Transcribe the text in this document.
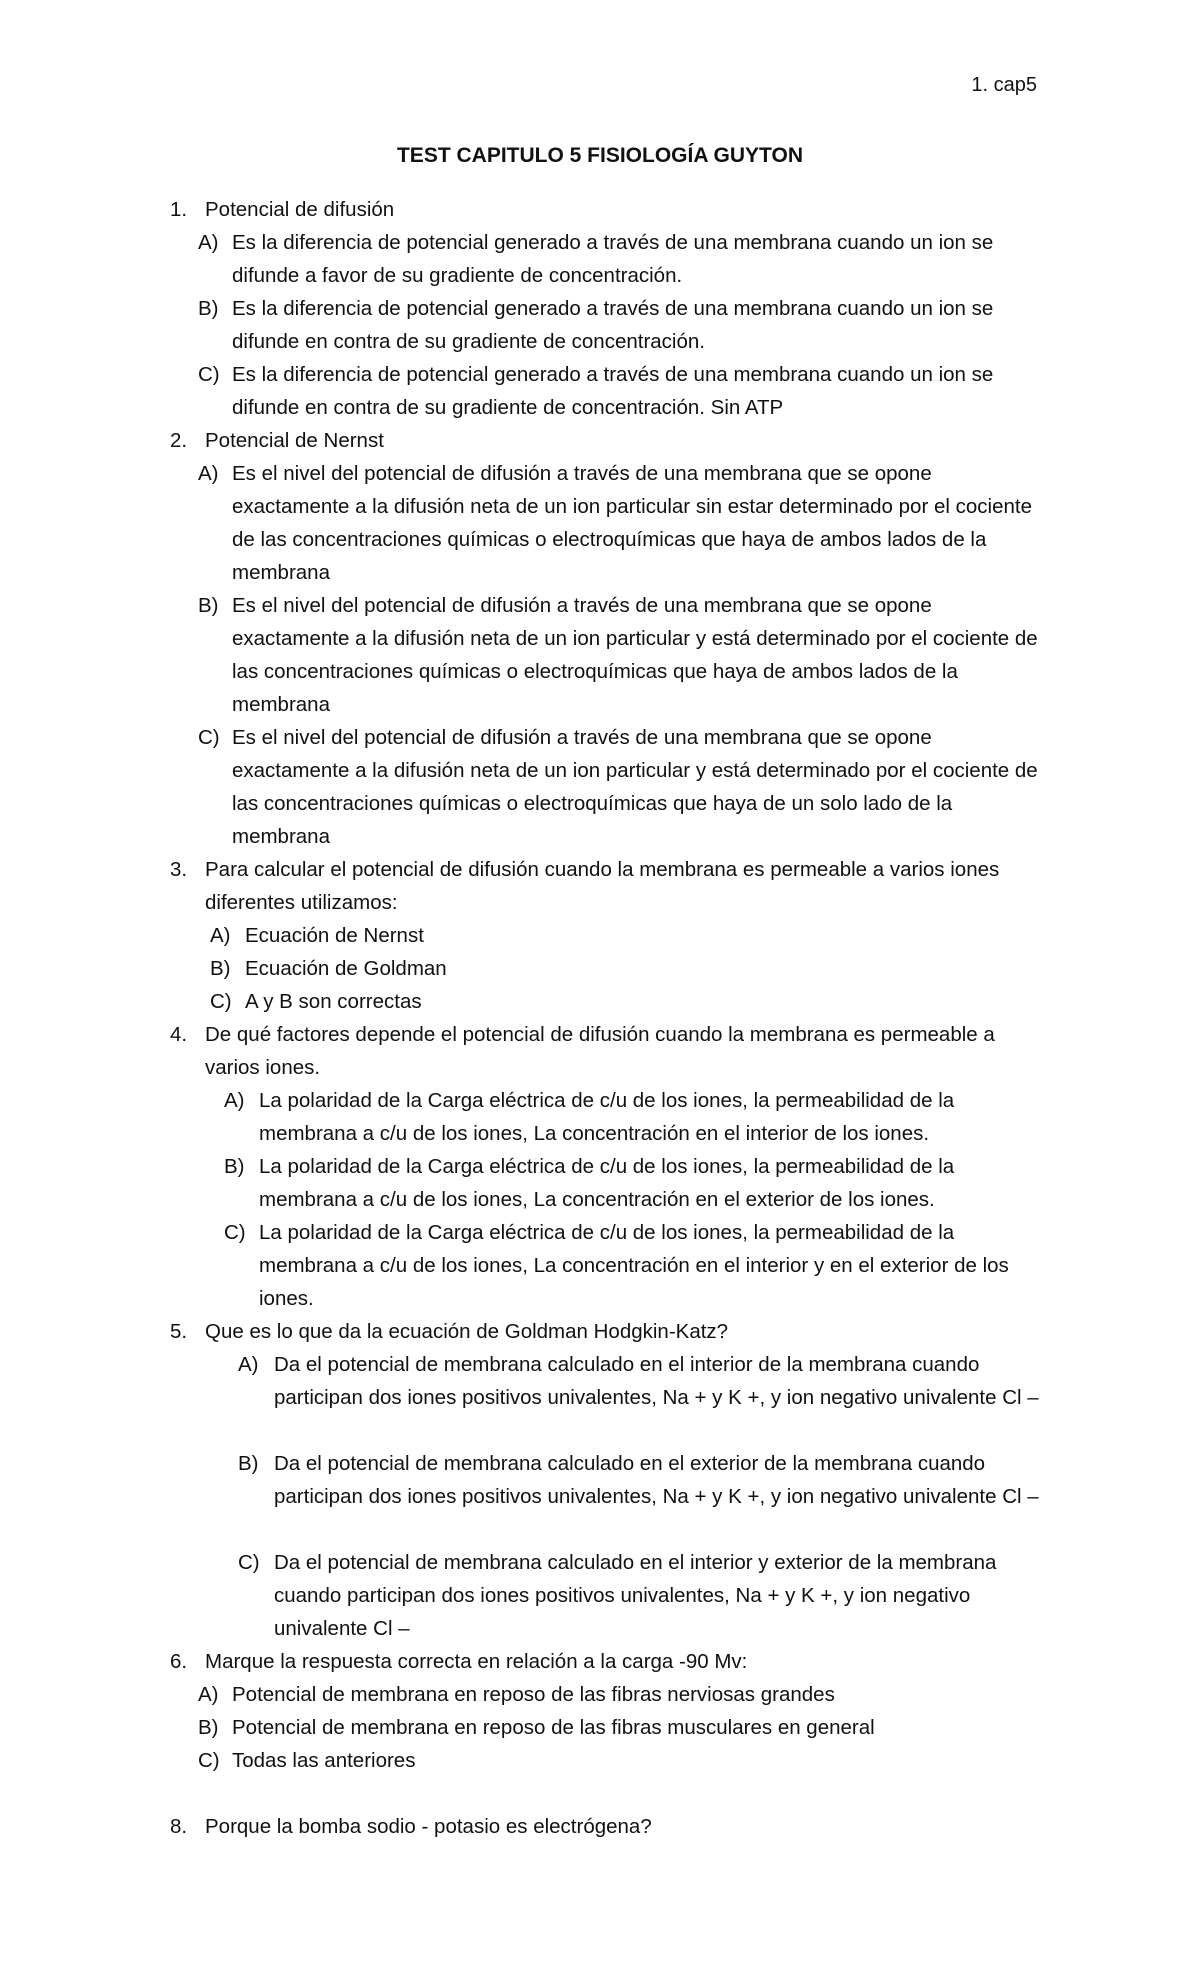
1. cap5
TEST CAPITULO 5 FISIOLOGÍA GUYTON
1. Potencial de difusión
A) Es la diferencia de potencial generado a través de una membrana cuando un ion se difunde a favor de su gradiente de concentración.
B) Es la diferencia de potencial generado a través de una membrana cuando un ion se difunde en contra de su gradiente de concentración.
C) Es la diferencia de potencial generado a través de una membrana cuando un ion se difunde en contra de su gradiente de concentración. Sin ATP
2. Potencial de Nernst
A) Es el nivel del potencial de difusión a través de una membrana que se opone exactamente a la difusión neta de un ion particular sin estar determinado por el cociente de las concentraciones químicas o electroquímicas que haya de ambos lados de la membrana
B) Es el nivel del potencial de difusión a través de una membrana que se opone exactamente a la difusión neta de un ion particular y está determinado por el cociente de las concentraciones químicas o electroquímicas que haya de ambos lados de la membrana
C) Es el nivel del potencial de difusión a través de una membrana que se opone exactamente a la difusión neta de un ion particular y está determinado por el cociente de las concentraciones químicas o electroquímicas que haya de un solo lado de la membrana
3. Para calcular el potencial de difusión cuando la membrana es permeable a varios iones diferentes utilizamos:
A) Ecuación de Nernst
B) Ecuación de Goldman
C) A y B son correctas
4. De qué factores depende el potencial de difusión cuando la membrana es permeable a varios iones.
A) La polaridad de la Carga eléctrica de c/u de los iones, la permeabilidad de la membrana a c/u de los iones, La concentración en el interior de los iones.
B) La polaridad de la Carga eléctrica de c/u de los iones, la permeabilidad de la membrana a c/u de los iones, La concentración en el exterior de los iones.
C) La polaridad de la Carga eléctrica de c/u de los iones, la permeabilidad de la membrana a c/u de los iones, La concentración en el interior y en el exterior de los iones.
5. Que es lo que da la ecuación de Goldman Hodgkin-Katz?
A) Da el potencial de membrana calculado en el interior de la membrana cuando participan dos iones positivos univalentes, Na + y K +, y ion negativo univalente Cl –
B) Da el potencial de membrana calculado en el exterior de la membrana cuando participan dos iones positivos univalentes, Na + y K +, y ion negativo univalente Cl –
C) Da el potencial de membrana calculado en el interior y exterior de la membrana cuando participan dos iones positivos univalentes, Na + y K +, y ion negativo univalente Cl –
6. Marque la respuesta correcta en relación a la carga -90 Mv:
A) Potencial de membrana en reposo de las fibras nerviosas grandes
B) Potencial de membrana en reposo de las fibras musculares en general
C) Todas las anteriores
8. Porque la bomba sodio - potasio es electrógena?
